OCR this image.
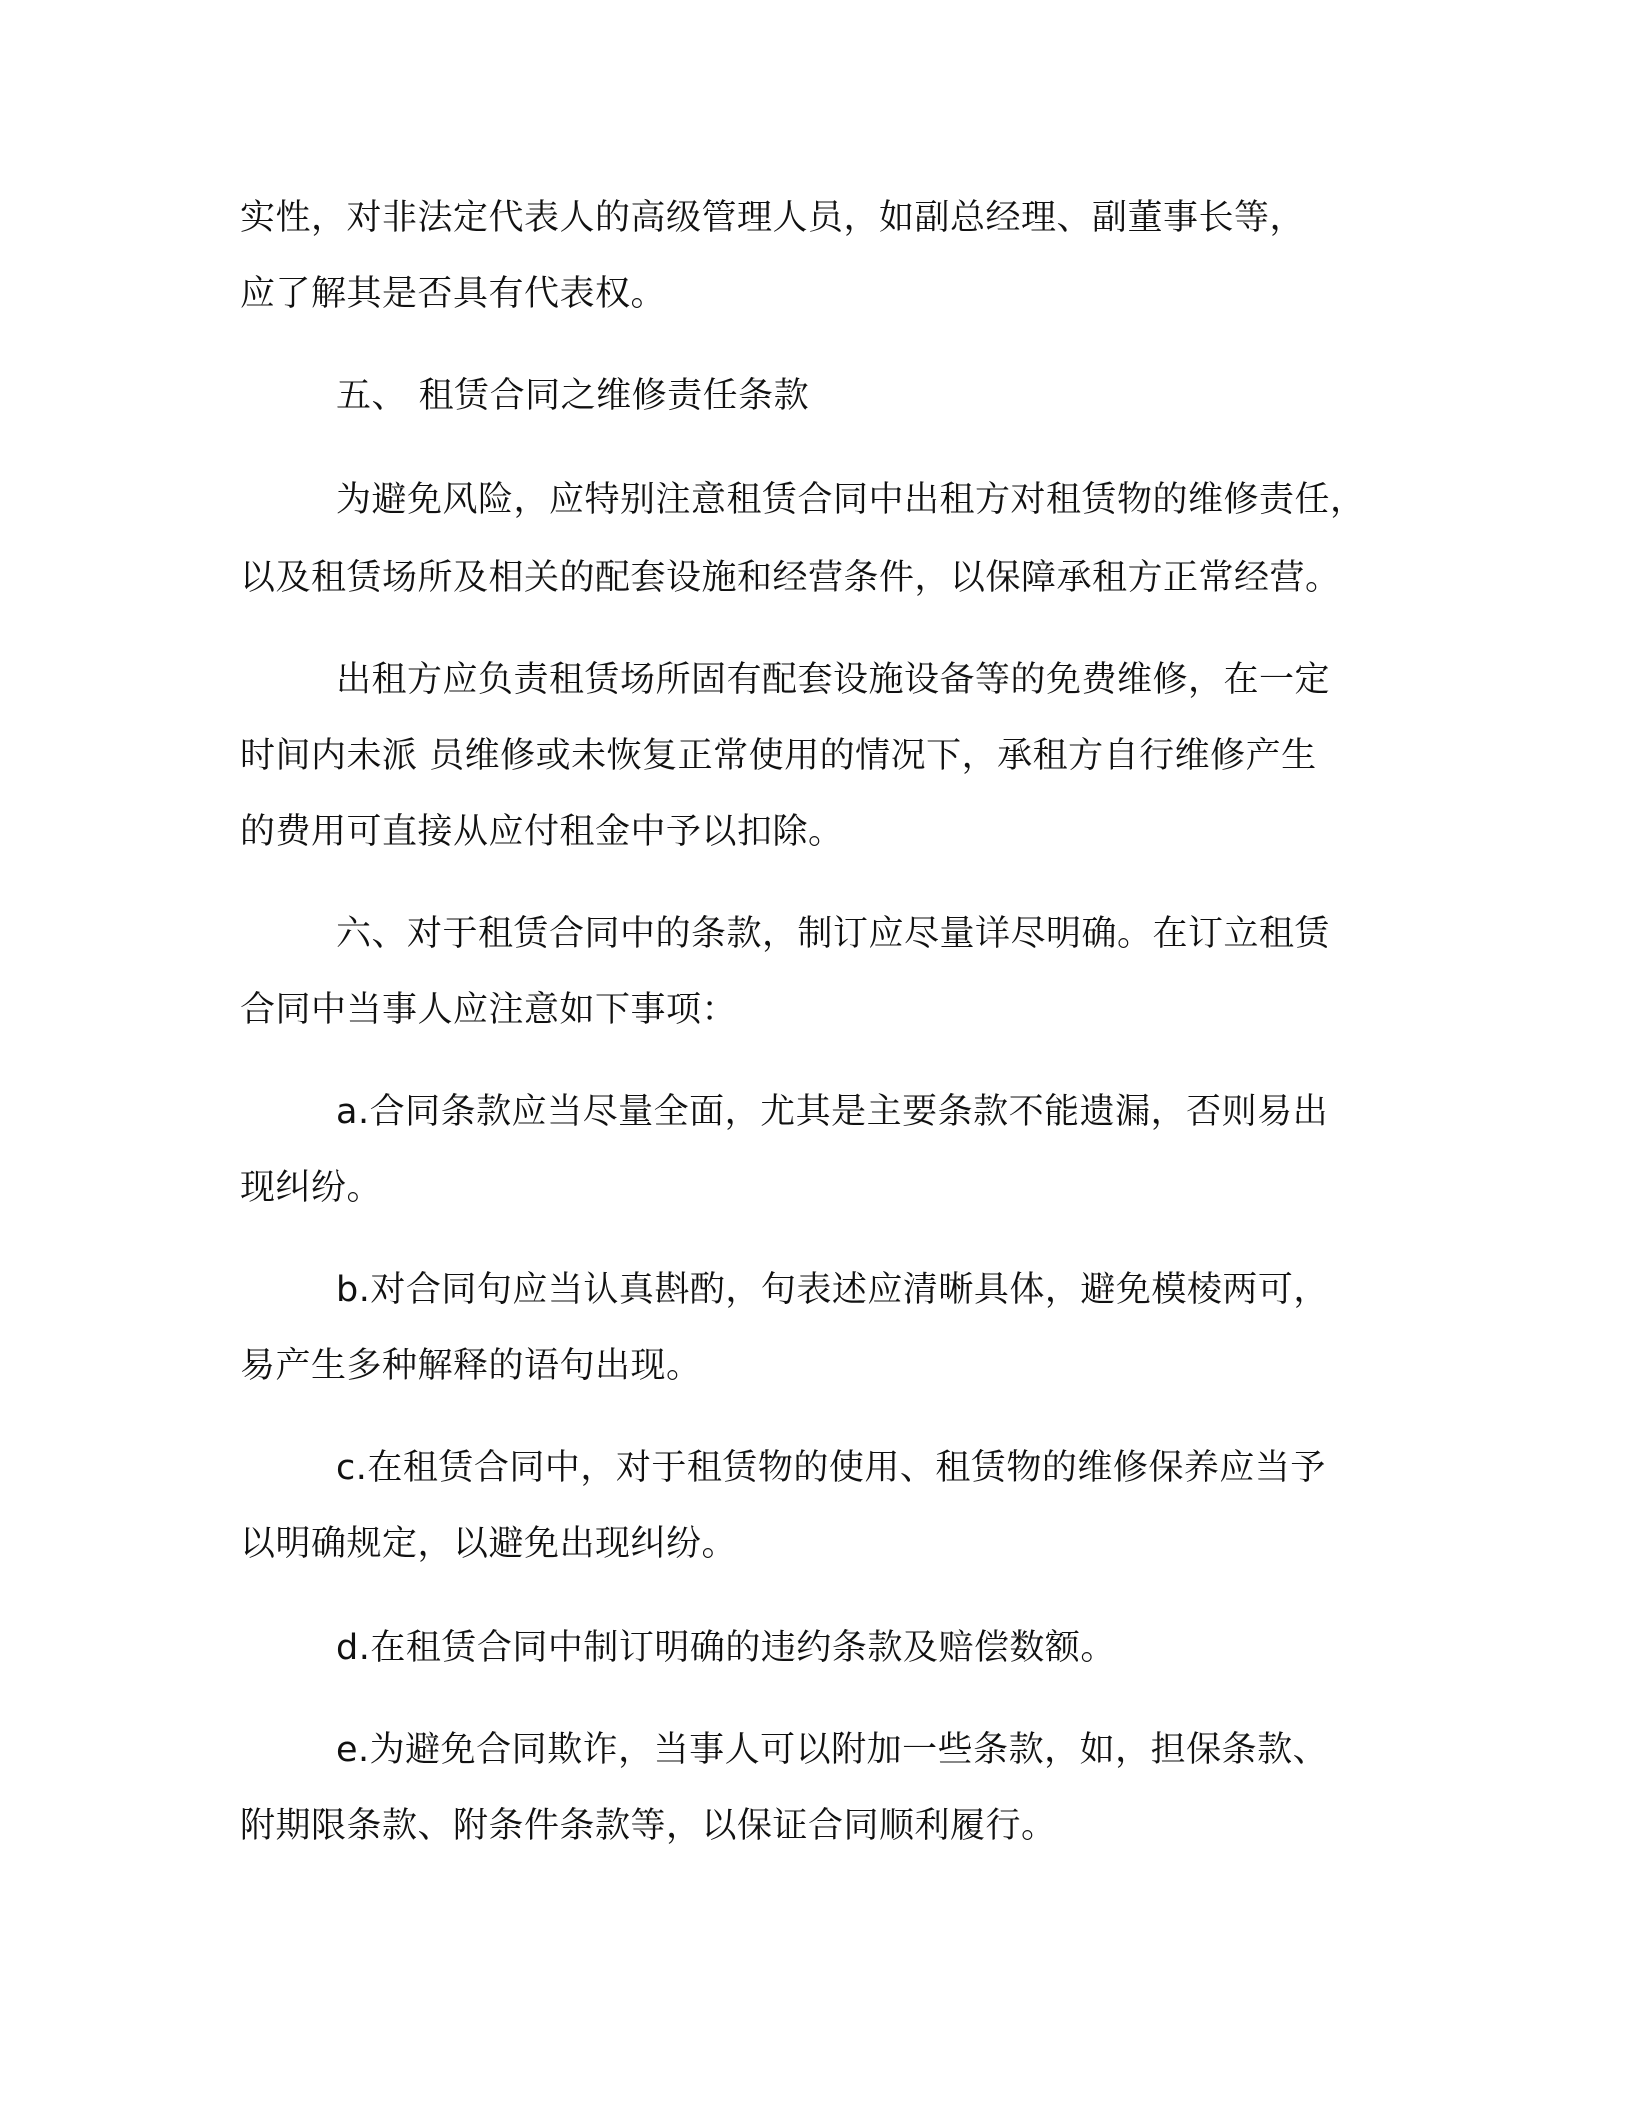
实性，对非法定代表人的高级管理人员，如副总经理、副董事长等，
应了解其是否具有代表权。
五、 租赁合同之维修责任条款
为避免风险，应特别注意租赁合同中出租方对租赁物的维修责任，
以及租赁场所及相关的配套设施和经营条件，以保障承租方正常经营。
出租方应负责租赁场所固有配套设施设备等的免费维修，在一定
时间内未派 员维修或未恢复正常使用的情况下，承租方自行维修产生
的费用可直接从应付租金中予以扣除。
六、对于租赁合同中的条款，制订应尽量详尽明确。在订立租赁
合同中当事人应注意如下事项：
a.合同条款应当尽量全面，尤其是主要条款不能遗漏，否则易出
现纠纷。
b.对合同句应当认真斟酌，句表述应清晰具体，避免模棱两可，
易产生多种解释的语句出现。
c.在租赁合同中，对于租赁物的使用、租赁物的维修保养应当予
以明确规定，以避免出现纠纷。
d.在租赁合同中制订明确的违约条款及赔偿数额。
e.为避免合同欺诈，当事人可以附加一些条款，如，担保条款、
附期限条款、附条件条款等，以保证合同顺利履行。
